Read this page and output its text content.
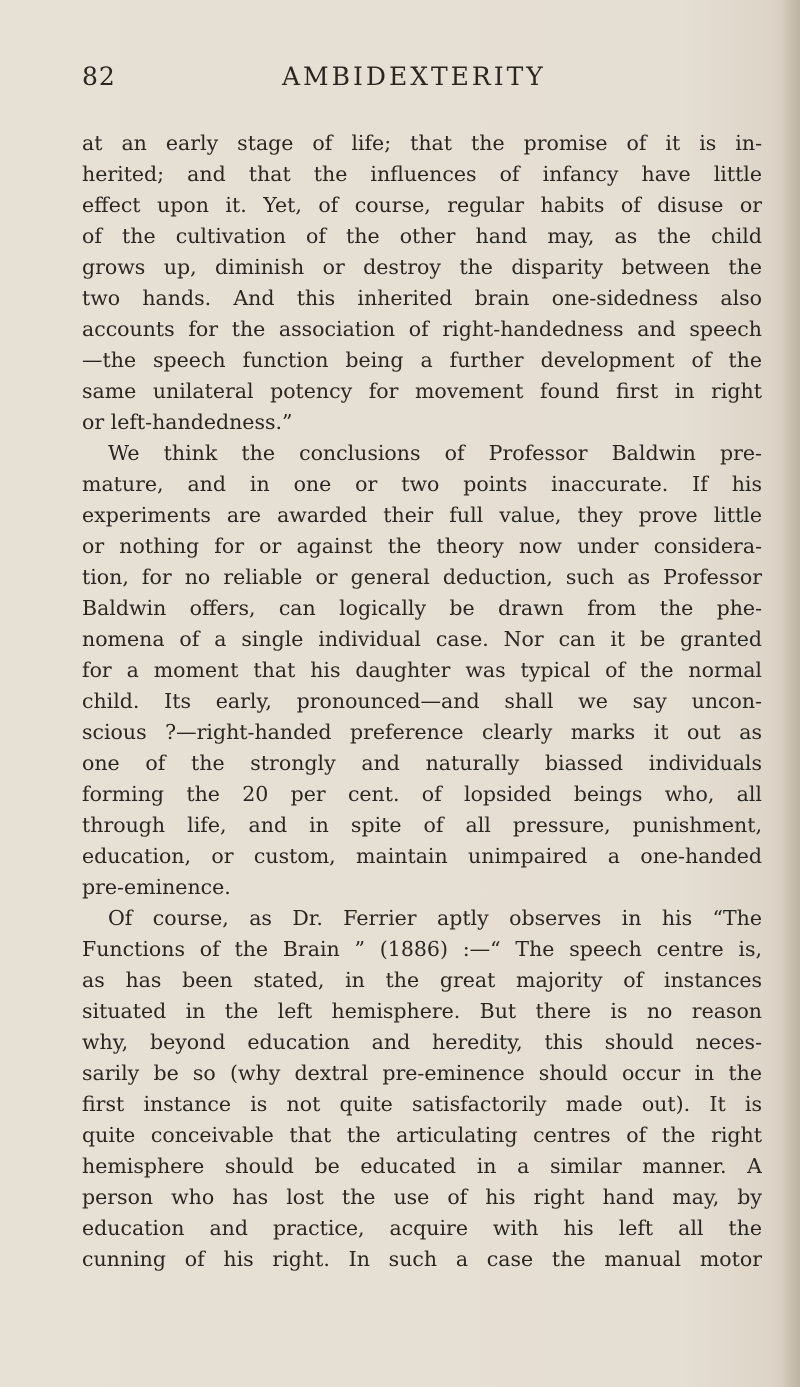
82	AMBIDEXTERITY
at an early stage of life; that the promise of it is in-
herited; and that the influences of infancy have little
effect upon it. Yet, of course, regular habits of disuse or
of the cultivation of the other hand may, as the child
grows up, diminish or destroy the disparity between the
two hands. And this inherited brain one-sidedness also
accounts for the association of right-handedness and speech
—the speech function being a further development of the
same unilateral potency for movement found first in right
or left-handedness.”
We think the conclusions of Professor Baldwin pre-
mature, and in one or two points inaccurate. If his
experiments are awarded their full value, they prove little
or nothing for or against the theory now under considera-
tion, for no reliable or general deduction, such as Professor
Baldwin offers, can logically be drawn from the phe-
nomena of a single individual case. Nor can it be granted
for a moment that his daughter was typical of the normal
child. Its early, pronounced—and shall we say uncon-
scious ?—right-handed preference clearly marks it out as
one of the strongly and naturally biassed individuals
forming the 20 per cent. of lopsided beings who, all
through life, and in spite of all pressure, punishment,
education, or custom, maintain unimpaired a one-handed
pre-eminence.
Of course, as Dr. Ferrier aptly observes in his “The
Functions of the Brain ” (1886) :—“ The speech centre is,
as has been stated, in the great majority of instances
situated in the left hemisphere. But there is no reason
why, beyond education and heredity, this should neces-
sarily be so (why dextral pre-eminence should occur in the
first instance is not quite satisfactorily made out). It is
quite conceivable that the articulating centres of the right
hemisphere should be educated in a similar manner. A
person who has lost the use of his right hand may, by
education and practice, acquire with his left all the
cunning of his right. In such a case the manual motor
